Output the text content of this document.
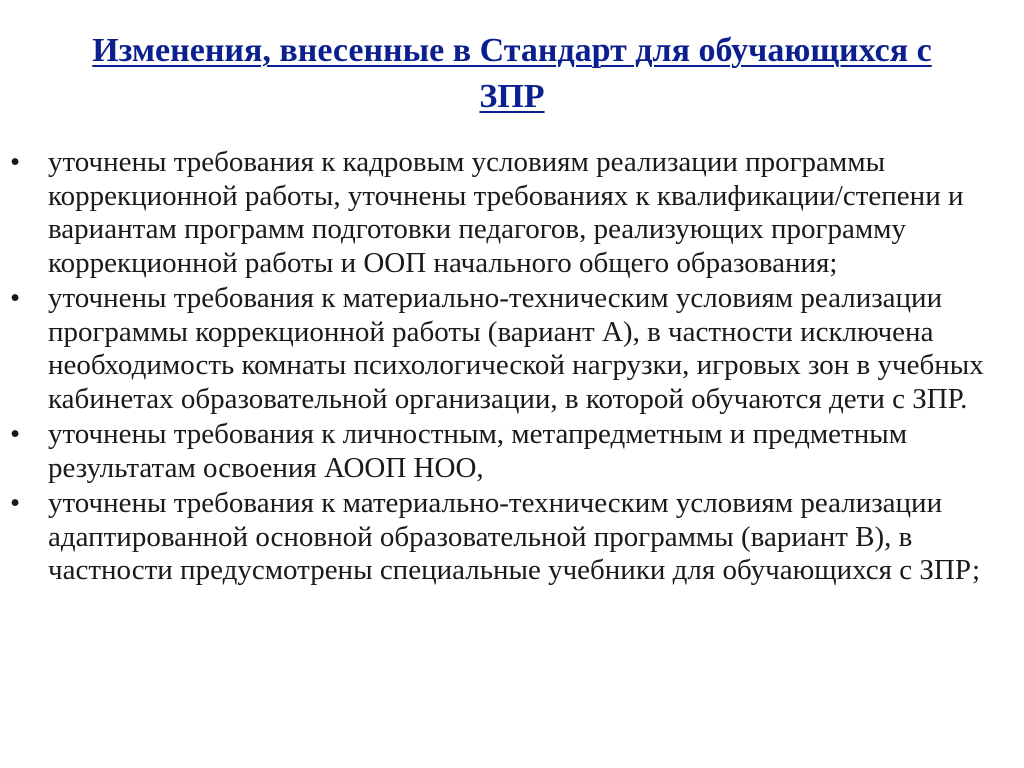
Изменения, внесенные в Стандарт для обучающихся с ЗПР
• уточнены требования к кадровым условиям реализации программы коррекционной работы, уточнены требованиях к квалификации/степени и вариантам программ подготовки педагогов, реализующих программу коррекционной работы и ООП начального общего образования;
• уточнены требования к материально-техническим условиям реализации программы коррекционной работы (вариант А), в частности исключена необходимость комнаты психологической нагрузки, игровых зон в учебных кабинетах образовательной организации, в которой обучаются дети с ЗПР.
• уточнены требования к личностным, метапредметным и предметным результатам освоения АООП НОО,
• уточнены требования к материально-техническим условиям реализации адаптированной основной образовательной программы (вариант В), в частности предусмотрены специальные учебники для обучающихся с ЗПР;
